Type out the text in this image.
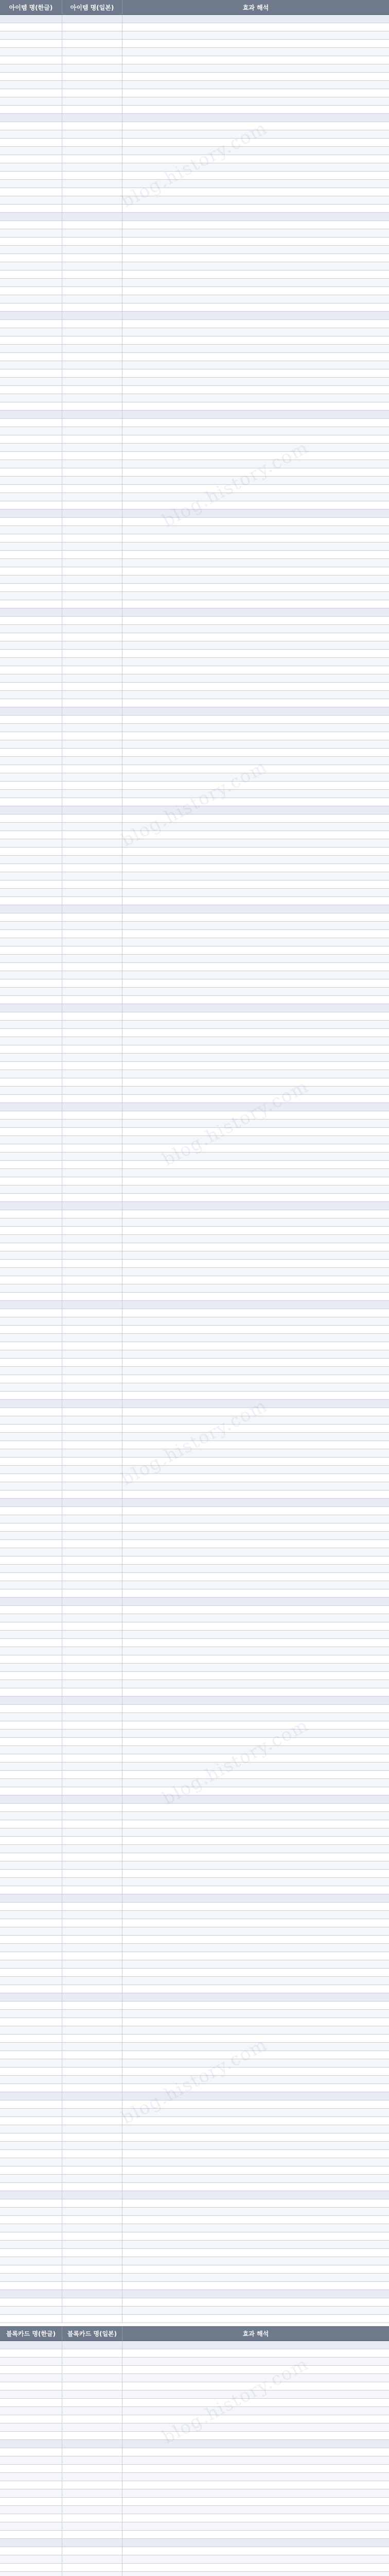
아이템 명(한글)	아이템 명(일본)	효과 해석
블록카드 명(한글)	블록카드 명(일본)	효과 해석
blog.history.com
blog.history.com
blog.history.com
blog.history.com
blog.history.com
